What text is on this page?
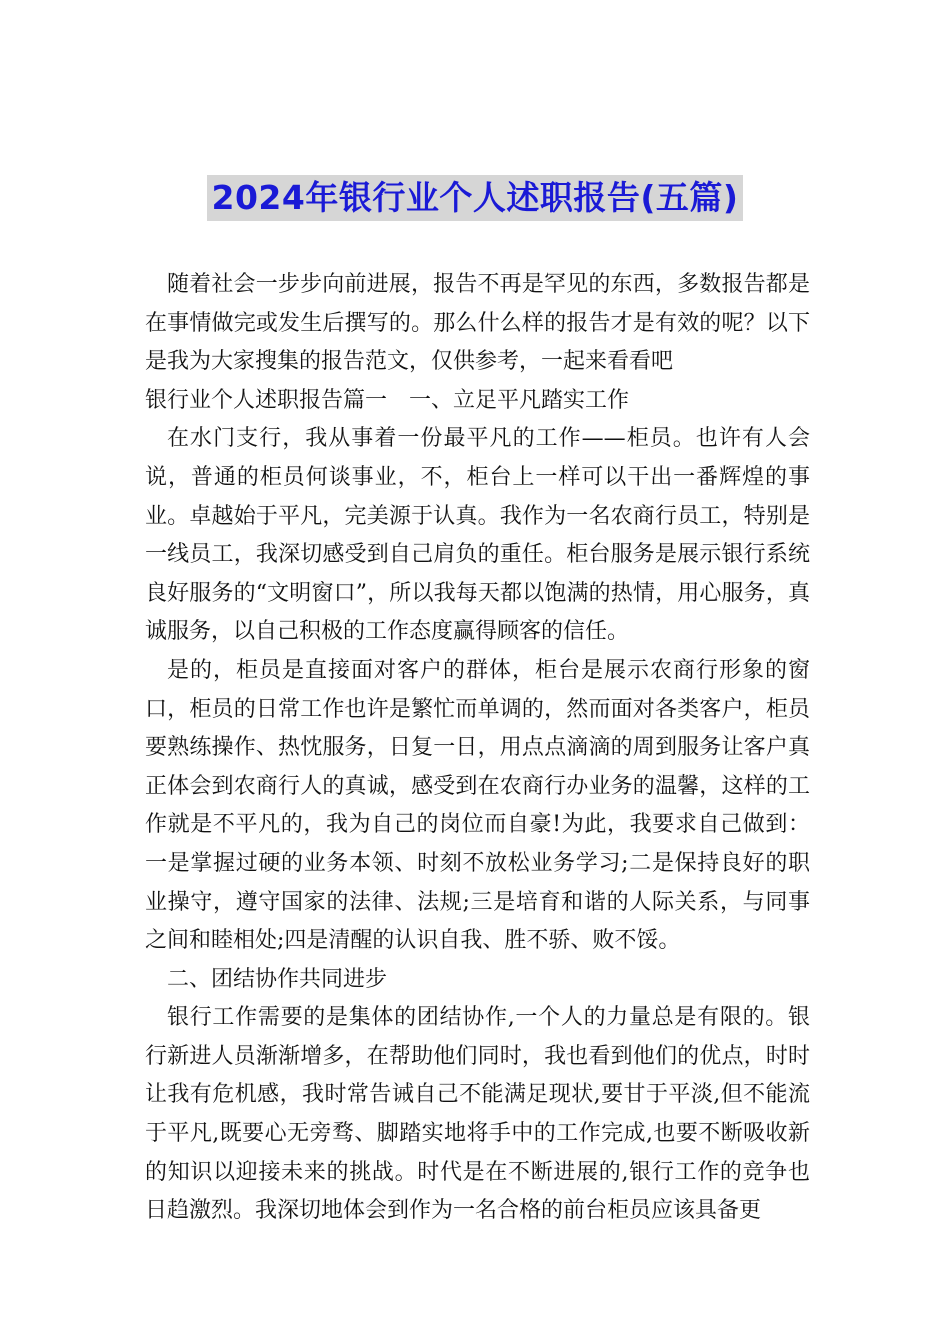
2024年银行业个人述职报告(五篇)

随着社会一步步向前进展，报告不再是罕见的东西，多数报告都是在事情做完或发生后撰写的。那么什么样的报告才是有效的呢？以下是我为大家搜集的报告范文，仅供参考，一起来看看吧

银行业个人述职报告篇一　一、立足平凡踏实工作

在水门支行，我从事着一份最平凡的工作——柜员。也许有人会说，普通的柜员何谈事业，不，柜台上一样可以干出一番辉煌的事业。卓越始于平凡，完美源于认真。我作为一名农商行员工，特别是一线员工，我深切感受到自己肩负的重任。柜台服务是展示银行系统良好服务的“文明窗口”，所以我每天都以饱满的热情，用心服务，真诚服务，以自己积极的工作态度赢得顾客的信任。

是的，柜员是直接面对客户的群体，柜台是展示农商行形象的窗口，柜员的日常工作也许是繁忙而单调的，然而面对各类客户，柜员要熟练操作、热忱服务，日复一日，用点点滴滴的周到服务让客户真正体会到农商行人的真诚，感受到在农商行办业务的温馨，这样的工作就是不平凡的，我为自己的岗位而自豪!为此，我要求自己做到：一是掌握过硬的业务本领、时刻不放松业务学习;二是保持良好的职业操守，遵守国家的法律、法规;三是培育和谐的人际关系，与同事之间和睦相处;四是清醒的认识自我、胜不骄、败不馁。

二、团结协作共同进步

银行工作需要的是集体的团结协作,一个人的力量总是有限的。银行新进人员渐渐增多，在帮助他们同时，我也看到他们的优点，时时让我有危机感，我时常告诫自己不能满足现状,要甘于平淡,但不能流于平凡,既要心无旁骛、脚踏实地将手中的工作完成,也要不断吸收新的知识以迎接未来的挑战。时代是在不断进展的,银行工作的竞争也日趋激烈。我深切地体会到作为一名合格的前台柜员应该具备更
